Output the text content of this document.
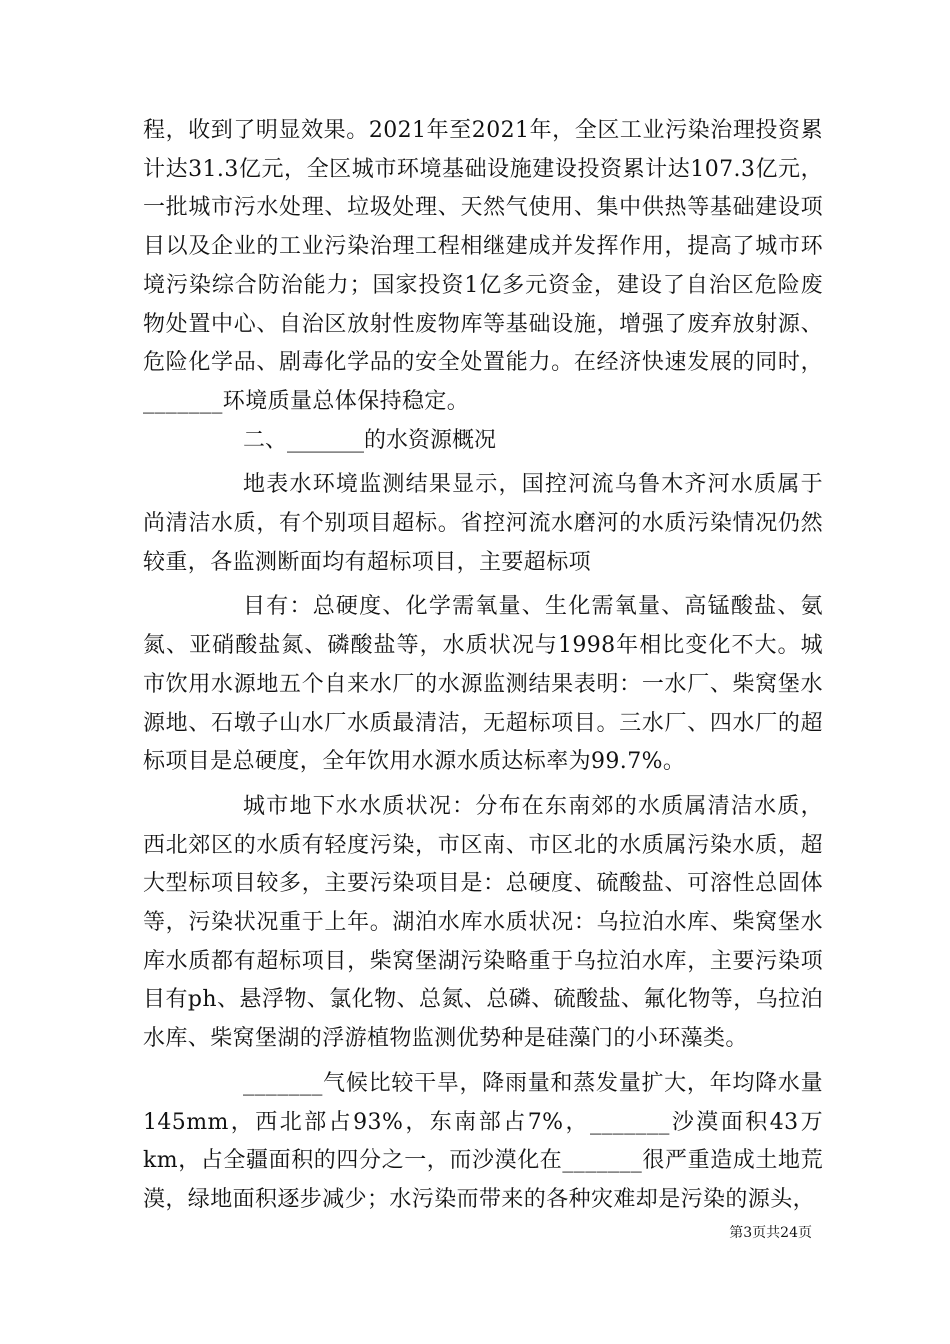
程，收到了明显效果。2021年至2021年，全区工业污染治理投资累计达31.3亿元，全区城市环境基础设施建设投资累计达107.3亿元，一批城市污水处理、垃圾处理、天然气使用、集中供热等基础建设项目以及企业的工业污染治理工程相继建成并发挥作用，提高了城市环境污染综合防治能力；国家投资1亿多元资金，建设了自治区危险废物处置中心、自治区放射性废物库等基础设施，增强了废弃放射源、危险化学品、剧毒化学品的安全处置能力。在经济快速发展的同时，_______环境质量总体保持稳定。

二、_______的水资源概况

地表水环境监测结果显示，国控河流乌鲁木齐河水质属于尚清洁水质，有个别项目超标。省控河流水磨河的水质污染情况仍然较重，各监测断面均有超标项目，主要超标项

目有：总硬度、化学需氧量、生化需氧量、高锰酸盐、氨氮、亚硝酸盐氮、磷酸盐等，水质状况与1998年相比变化不大。城市饮用水源地五个自来水厂的水源监测结果表明：一水厂、柴窝堡水源地、石墩子山水厂水质最清洁，无超标项目。三水厂、四水厂的超标项目是总硬度，全年饮用水源水质达标率为99.7%。

城市地下水水质状况：分布在东南郊的水质属清洁水质，西北郊区的水质有轻度污染，市区南、市区北的水质属污染水质，超大型标项目较多，主要污染项目是：总硬度、硫酸盐、可溶性总固体等，污染状况重于上年。湖泊水库水质状况：乌拉泊水库、柴窝堡水库水质都有超标项目，柴窝堡湖污染略重于乌拉泊水库，主要污染项目有ph、悬浮物、氯化物、总氮、总磷、硫酸盐、氟化物等，乌拉泊水库、柴窝堡湖的浮游植物监测优势种是硅藻门的小环藻类。

_______气候比较干旱，降雨量和蒸发量扩大，年均降水量145mm，西北部占93%，东南部占7%，_______沙漠面积43万km，占全疆面积的四分之一，而沙漠化在_______很严重造成土地荒漠，绿地面积逐步减少；水污染而带来的各种灾难却是污染的源头，

第3页共24页
